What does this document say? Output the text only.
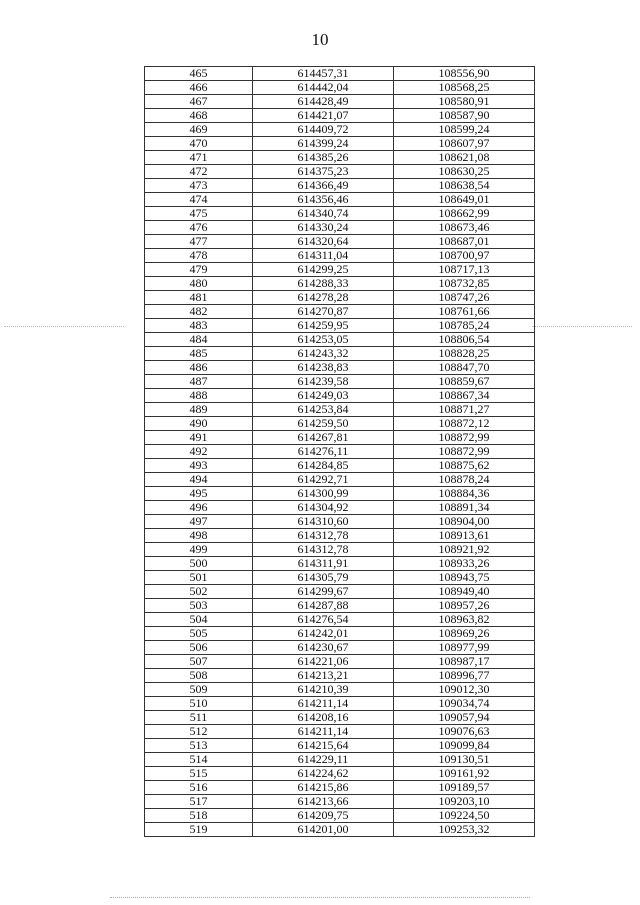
10
465	614457,31	108556,90
466	614442,04	108568,25
467	614428,49	108580,91
468	614421,07	108587,90
469	614409,72	108599,24
470	614399,24	108607,97
471	614385,26	108621,08
472	614375,23	108630,25
473	614366,49	108638,54
474	614356,46	108649,01
475	614340,74	108662,99
476	614330,24	108673,46
477	614320,64	108687,01
478	614311,04	108700,97
479	614299,25	108717,13
480	614288,33	108732,85
481	614278,28	108747,26
482	614270,87	108761,66
483	614259,95	108785,24
484	614253,05	108806,54
485	614243,32	108828,25
486	614238,83	108847,70
487	614239,58	108859,67
488	614249,03	108867,34
489	614253,84	108871,27
490	614259,50	108872,12
491	614267,81	108872,99
492	614276,11	108872,99
493	614284,85	108875,62
494	614292,71	108878,24
495	614300,99	108884,36
496	614304,92	108891,34
497	614310,60	108904,00
498	614312,78	108913,61
499	614312,78	108921,92
500	614311,91	108933,26
501	614305,79	108943,75
502	614299,67	108949,40
503	614287,88	108957,26
504	614276,54	108963,82
505	614242,01	108969,26
506	614230,67	108977,99
507	614221,06	108987,17
508	614213,21	108996,77
509	614210,39	109012,30
510	614211,14	109034,74
511	614208,16	109057,94
512	614211,14	109076,63
513	614215,64	109099,84
514	614229,11	109130,51
515	614224,62	109161,92
516	614215,86	109189,57
517	614213,66	109203,10
518	614209,75	109224,50
519	614201,00	109253,32
